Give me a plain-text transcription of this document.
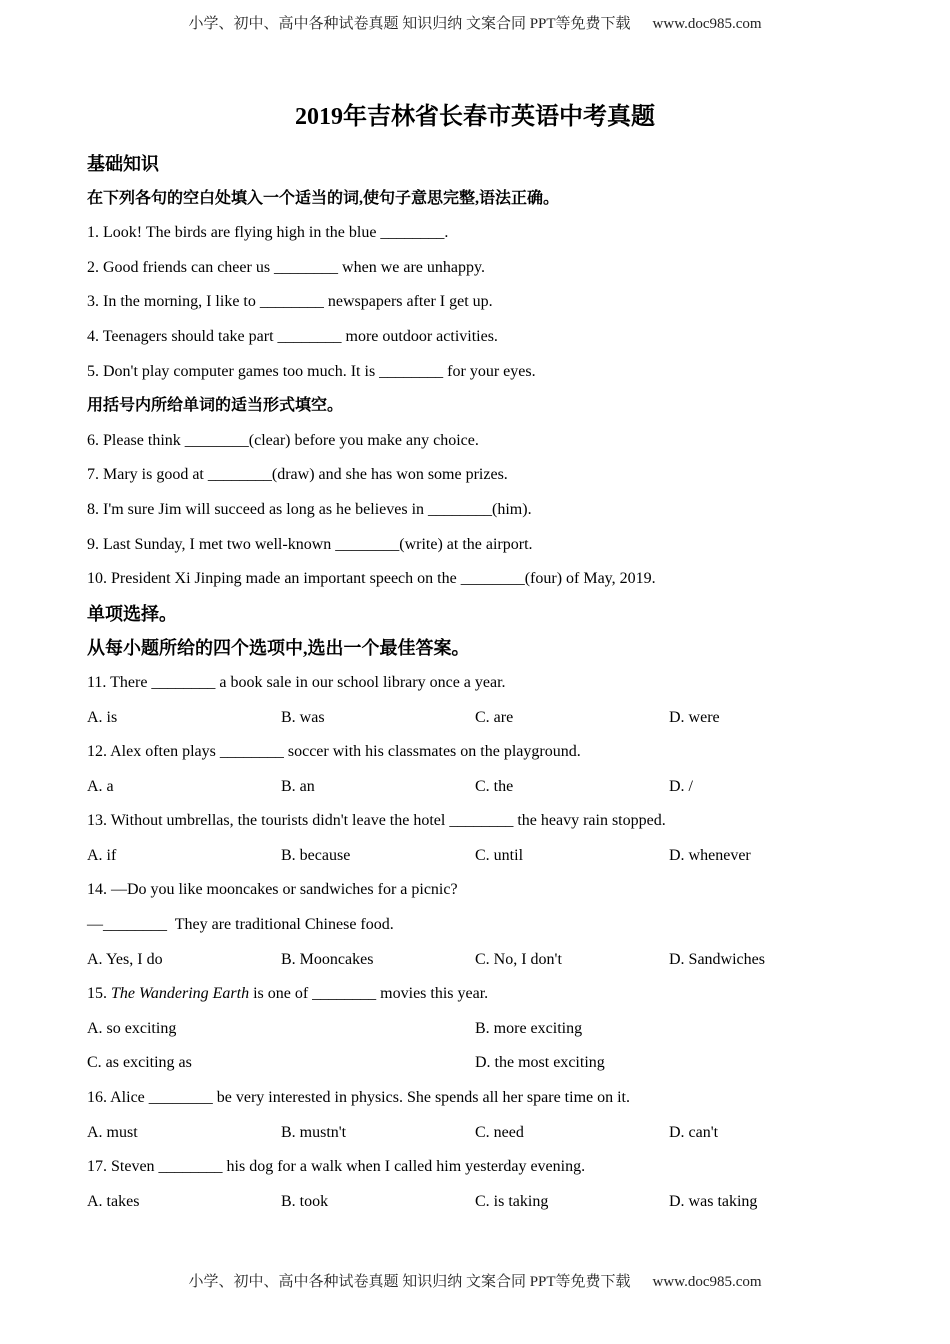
小学、初中、高中各种试卷真题 知识归纳 文案合同 PPT等免费下载 www.doc985.com
2019年吉林省长春市英语中考真题
基础知识
在下列各句的空白处填入一个适当的词,使句子意思完整,语法正确。
1. Look! The birds are flying high in the blue ________.
2. Good friends can cheer us ________ when we are unhappy.
3. In the morning, I like to ________ newspapers after I get up.
4. Teenagers should take part ________ more outdoor activities.
5. Don't play computer games too much. It is ________ for your eyes.
用括号内所给单词的适当形式填空。
6. Please think ________(clear) before you make any choice.
7. Mary is good at ________(draw) and she has won some prizes.
8. I'm sure Jim will succeed as long as he believes in ________(him).
9. Last Sunday, I met two well-known ________(write) at the airport.
10. President Xi Jinping made an important speech on the ________(four) of May, 2019.
单项选择。
从每小题所给的四个选项中,选出一个最佳答案。
11. There ________ a book sale in our school library once a year.
A. is	B. was	C. are	D. were
12. Alex often plays ________ soccer with his classmates on the playground.
A. a	B. an	C. the	D. /
13. Without umbrellas, the tourists didn't leave the hotel ________ the heavy rain stopped.
A. if	B. because	C. until	D. whenever
14. —Do you like mooncakes or sandwiches for a picnic?
—________  They are traditional Chinese food.
A. Yes, I do	B. Mooncakes	C. No, I don't	D. Sandwiches
15. The Wandering Earth is one of ________ movies this year.
A. so exciting	B. more exciting
C. as exciting as	D. the most exciting
16. Alice ________ be very interested in physics. She spends all her spare time on it.
A. must	B. mustn't	C. need	D. can't
17. Steven ________ his dog for a walk when I called him yesterday evening.
A. takes	B. took	C. is taking	D. was taking
小学、初中、高中各种试卷真题 知识归纳 文案合同 PPT等免费下载 www.doc985.com
